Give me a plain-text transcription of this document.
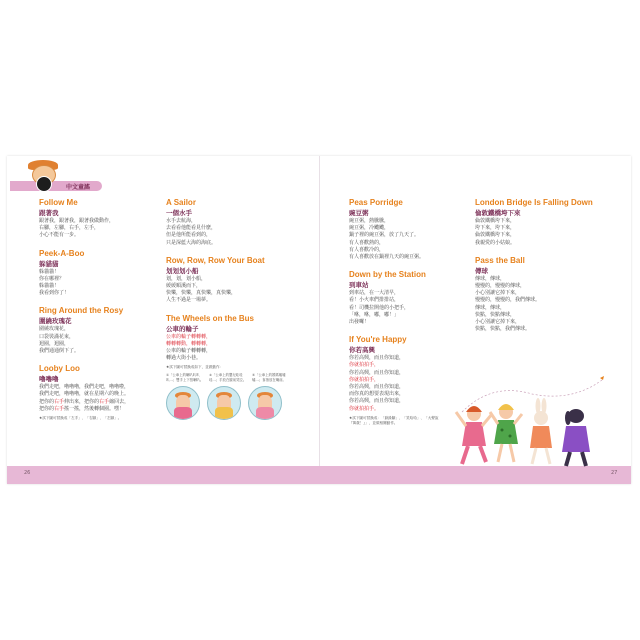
26	27
中文童謠

Follow Me

跟著我

跟著我，跟著我，跟著我做動作，

右腳，左腳，右手，左手，

小心不能有一步。

Peek-A-Boo

躲貓貓

躲貓貓！

你在哪裡？

躲貓貓！

我看到你了！

Ring Around the Rosy

圍繞玫瑰花

圍繞玫瑰花，

口袋裝滿花束，

迴圈，迴圈，

我們通通倒下了。

Looby Loo

嚕嚕嚕

我們走吧，嚕嚕嚕，我們走吧，嚕嚕啦，

我們走吧，嚕嚕嚕，就在星期六的晚上。

把你的右手伸出來，把你的右手縮回去，

把你的右手搖一搖，然後轉個圈。嘿！

★試下圖可替換成「左手」、「右腳」、「左腳」。

A Sailor

一個水手

水手去航海，

去看看他能看見什麼，

但是他所能看到的，

只是深藍大海的海底。

Row, Row, Row Your Boat

划划划小船

划，划，划小船，

緩緩順溪而下，

快樂，快樂，真快樂，真快樂，

人生不過是一場夢。

The Wheels on the Bus

公車的輪子

公車的輪子轉轉轉，

轉轉轉動，轉轉轉，

公車的輪子轉轉轉，

轉過大街小巷。

★試下圖可替換成如下，並做動作：

①「公車上的喇叭叭叭叭…」雙手上下按喇叭。
②「公車上的嬰兒哇哇哇…」手放在臉前哭泣。
③「公車上的媽媽嘘嘘嘘…」食指放在嘴前。

Peas Porridge

豌豆粥

豌豆粥，熱騰騰，

豌豆粥，冷颼颼，

鍋子裡的豌豆粥，放了九天了。

有人喜歡熱的，

有人喜歡冷的，

有人喜歡放在鍋裡九天的豌豆粥。

Down by the Station

到車站

到車站，在一大清早，

看！小火車們排排站，

看！司機拉開他的小把手，

「咻，咻，嘟，嘟！」

出發囉！

If You're Happy

你若高興

你若高興，而且你知道，

你就拍拍手，

你若高興，而且你知道，

你就拍拍手，

你若高興，而且你知道，

而你真的想要表現出來，

你若高興，而且你知道，

你就拍拍手。

★試下圖可替換成：「跺跺腳」、「笑哈哈」、「大聲說『萬歲！』」，並做相關動作。

London Bridge Is Falling Down

倫敦鐵橋垮下來

倫敦鐵橋垮下來，

垮下來，垮下來，

倫敦鐵橋垮下來，

我親愛的小姑娘。

Pass the Ball

傳球

傳球，傳球，

慢慢的，慢慢的傳球，

小心別讓它掉下來，

慢慢的，慢慢的，我們傳球。

傳球，傳球，

快點，快點傳球，

小心別讓它掉下來，

快點，快點，我們傳球。
